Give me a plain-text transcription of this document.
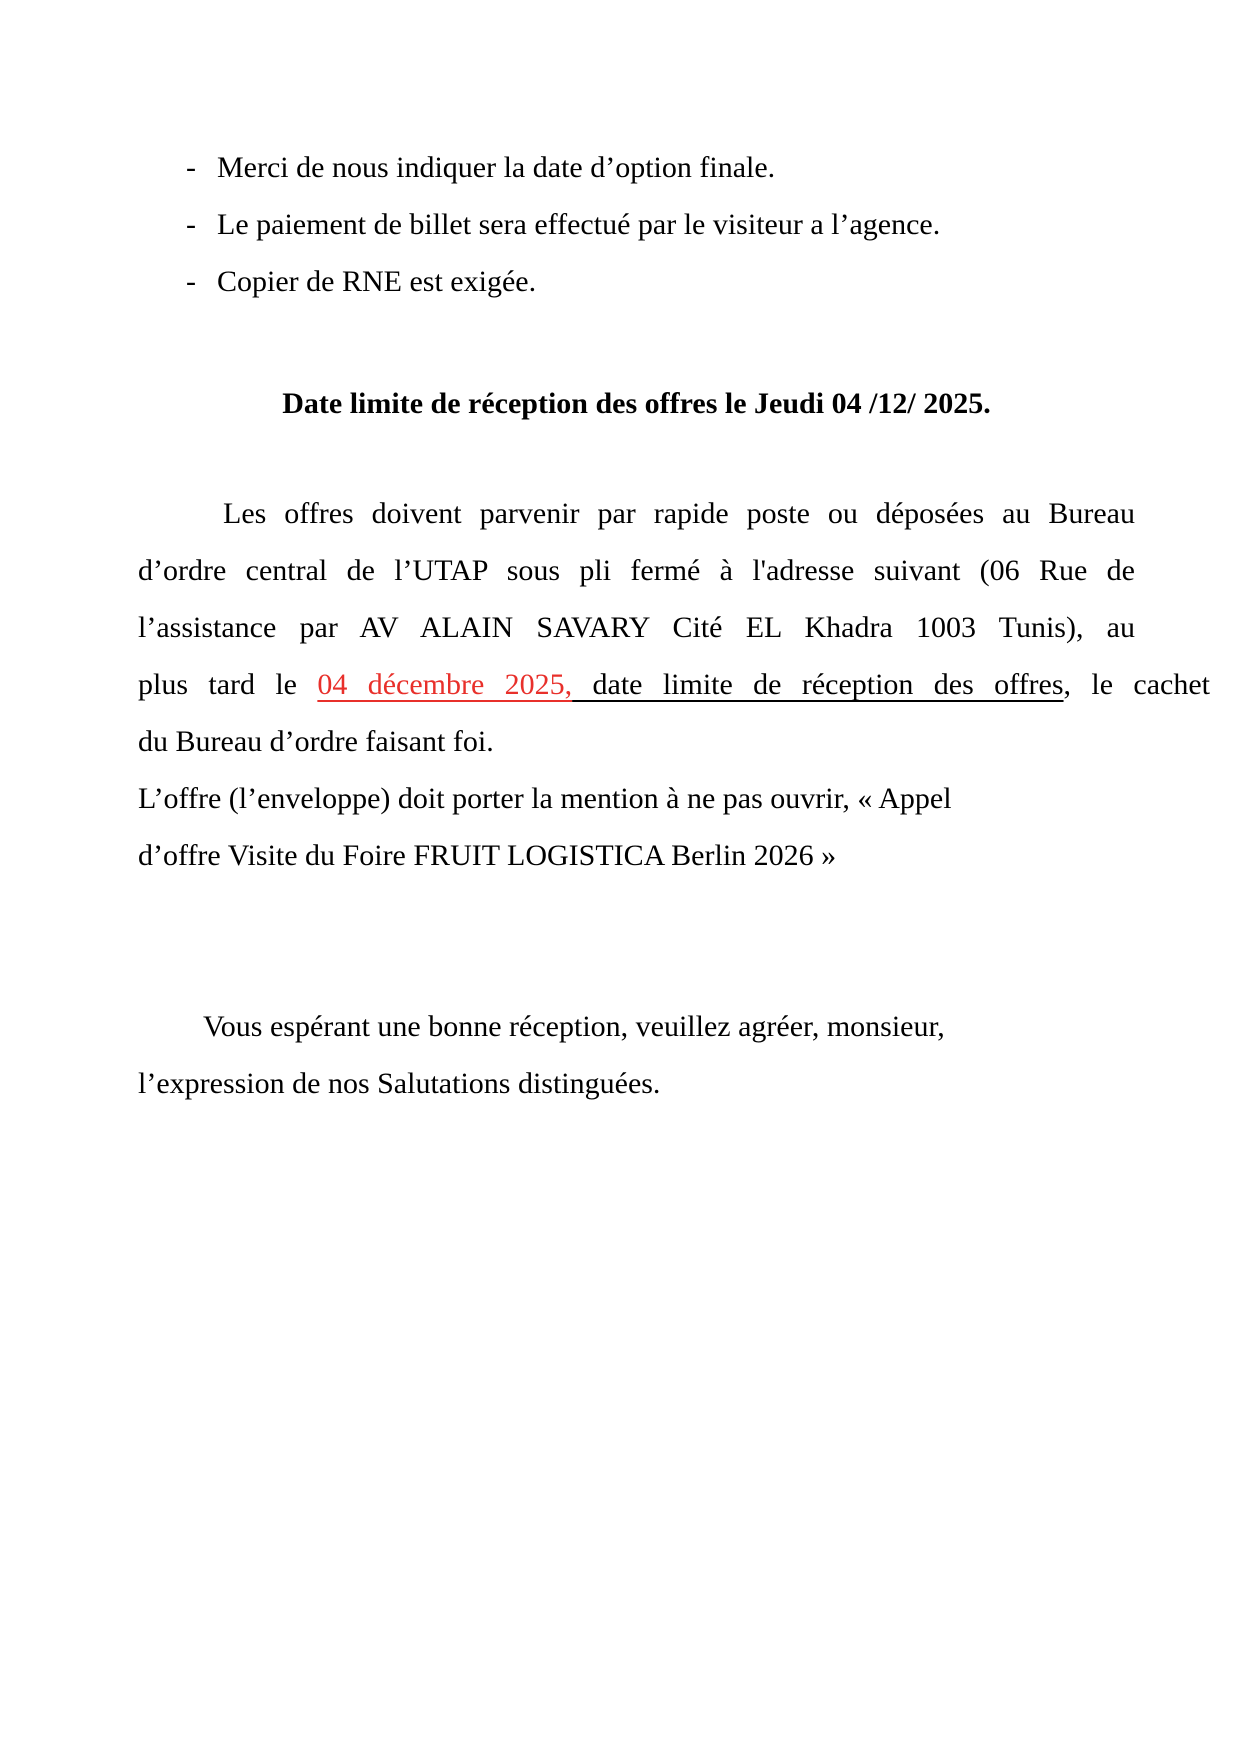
- Merci de nous indiquer la date d’option finale.
- Le paiement de billet sera effectué par le visiteur a l’agence.
- Copier de RNE est exigée.
Date limite de réception des offres le Jeudi 04 /12/ 2025.
Les offres doivent parvenir par rapide poste ou déposées au Bureau
d’ordre central de l’UTAP sous pli fermé à l'adresse suivant (06 Rue de
l’assistance par AV ALAIN SAVARY Cité EL Khadra 1003 Tunis), au
plus tard le 04 décembre 2025, date limite de réception des offres, le cachet
du Bureau d’ordre faisant foi.
L’offre (l’enveloppe) doit porter la mention à ne pas ouvrir, « Appel
d’offre Visite du Foire FRUIT LOGISTICA Berlin 2026 »
Vous espérant une bonne réception, veuillez agréer, monsieur,
l’expression de nos Salutations distinguées.
